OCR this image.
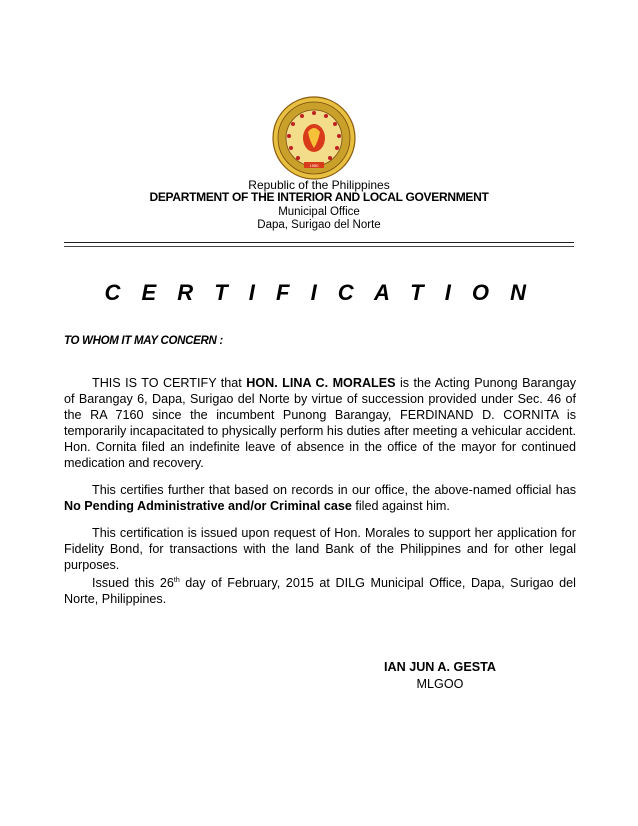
1950
Republic of the Philippines
DEPARTMENT OF THE INTERIOR AND LOCAL GOVERNMENT
Municipal Office
Dapa, Surigao del Norte
C E R T I F I C A T I O N
TO WHOM IT MAY CONCERN :

THIS IS TO CERTIFY that HON. LINA C. MORALES is the Acting Punong Barangay of Barangay 6, Dapa, Surigao del Norte by virtue of succession provided under Sec. 46 of the RA 7160 since the incumbent Punong Barangay, FERDINAND D. CORNITA is temporarily incapacitated to physically perform his duties after meeting a vehicular accident. Hon. Cornita filed an indefinite leave of absence in the office of the mayor for continued medication and recovery.

This certifies further that based on records in our office, the above-named official has No Pending Administrative and/or Criminal case filed against him.

This certification is issued upon request of Hon. Morales to support her application for Fidelity Bond, for transactions with the land Bank of the Philippines and for other legal purposes.

Issued this 26th day of February, 2015 at DILG Municipal Office, Dapa, Surigao del Norte, Philippines.

IAN JUN A. GESTA
MLGOO
